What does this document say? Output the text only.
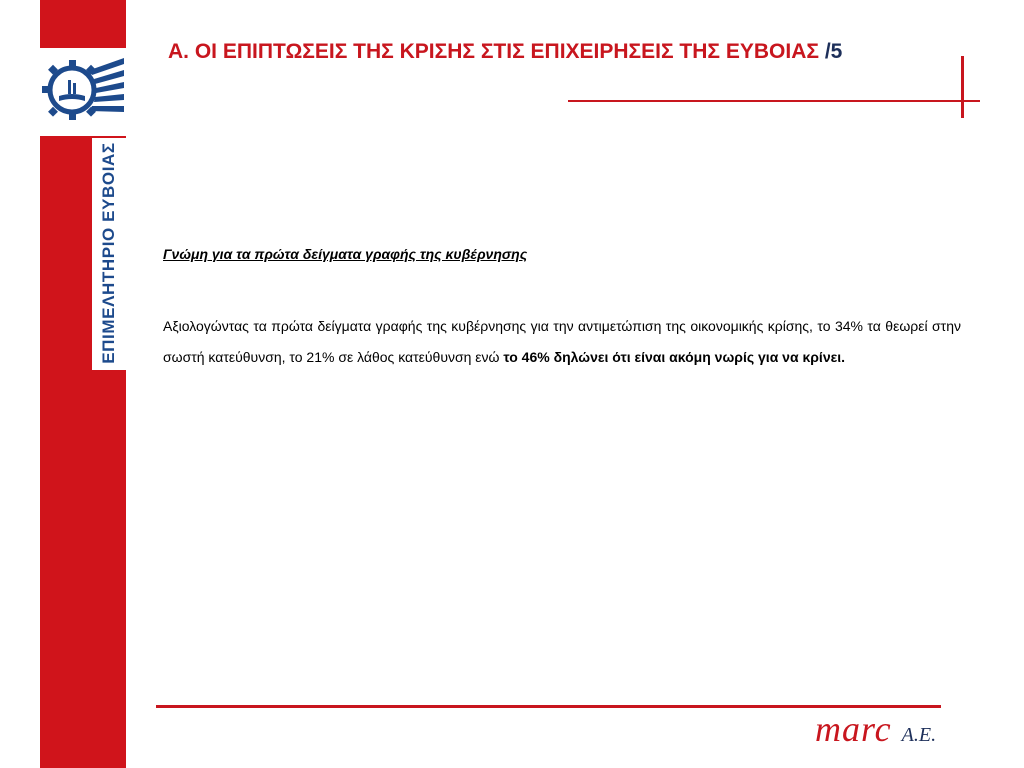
ΕΠΙΜΕΛΗΤΗΡΙΟ ΕΥΒΟΙΑΣ
Α. ΟΙ ΕΠΙΠΤΩΣΕΙΣ ΤΗΣ ΚΡΙΣΗΣ ΣΤΙΣ ΕΠΙΧΕΙΡΗΣΕΙΣ ΤΗΣ ΕΥΒΟΙΑΣ /5

Γνώμη για τα πρώτα δείγματα γραφής της κυβέρνησης

Αξιολογώντας τα πρώτα δείγματα γραφής της κυβέρνησης για την αντιμετώπιση της οικονομικής κρίσης, το 34% τα θεωρεί στην σωστή κατεύθυνση, το 21% σε λάθος κατεύθυνση ενώ το 46% δηλώνει ότι είναι ακόμη νωρίς για να κρίνει.

marc A.E.
